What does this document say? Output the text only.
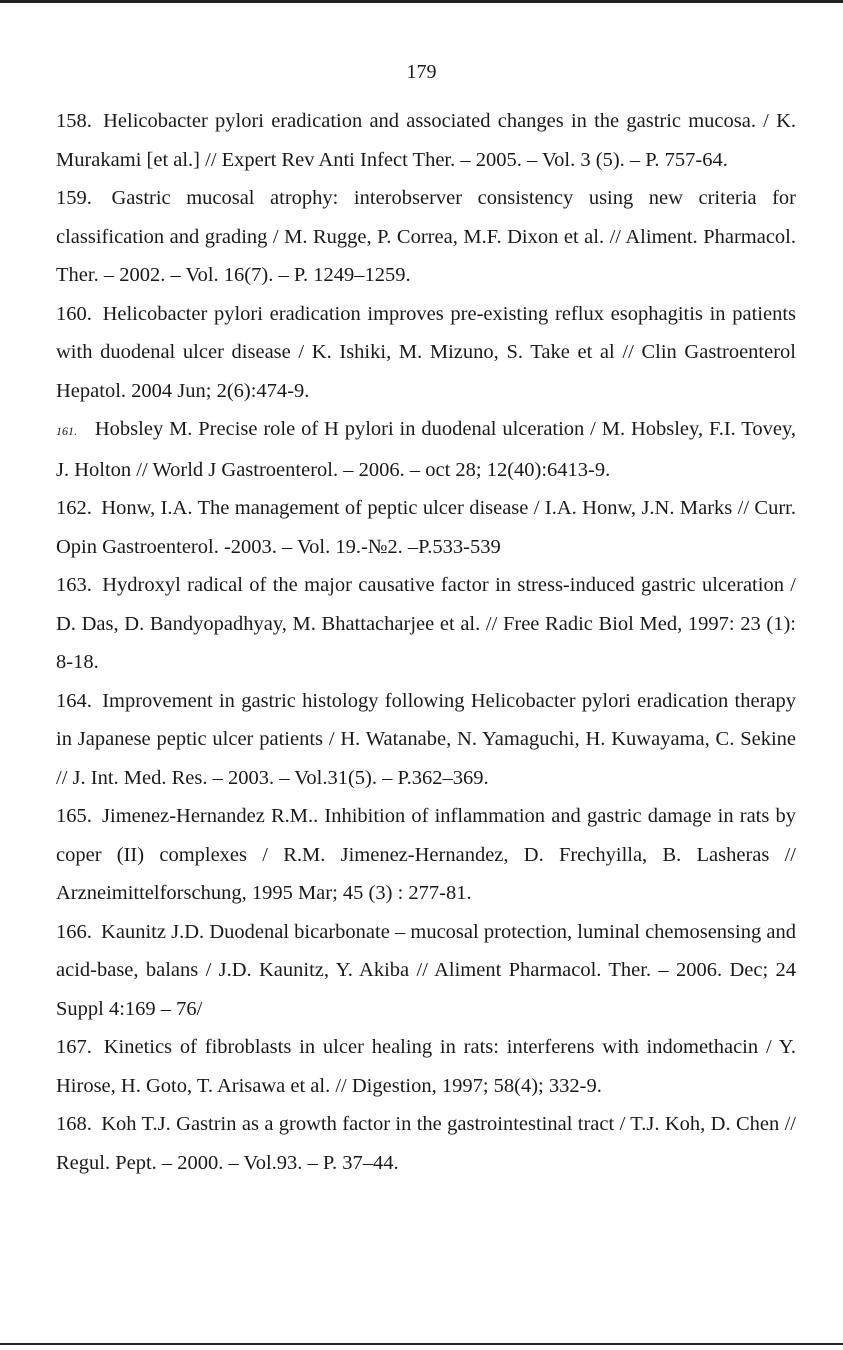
179

158. Helicobacter pylori eradication and associated changes in the gastric mucosa. / K. Murakami [et al.] // Expert Rev Anti Infect Ther. – 2005. – Vol. 3 (5). – P. 757-64.

159. Gastric mucosal atrophy: interobserver consistency using new criteria for classification and grading / M. Rugge, P. Correa, M.F. Dixon et al. // Aliment. Pharmacol. Ther. – 2002. – Vol. 16(7). – P. 1249–1259.

160. Helicobacter pylori eradication improves pre-existing reflux esophagitis in patients with duodenal ulcer disease / K. Ishiki, M. Mizuno, S. Take et al // Clin Gastroenterol Hepatol. 2004 Jun; 2(6):474-9.

161. Hobsley M. Precise role of H pylori in duodenal ulceration / M. Hobsley, F.I. Tovey, J. Holton // World J Gastroenterol. – 2006. – oct 28; 12(40):6413-9.

162. Honw, I.A. The management of peptic ulcer disease / I.A. Honw, J.N. Marks // Curr. Opin Gastroenterol. -2003. – Vol. 19.-№2. –P.533-539

163. Hydroxyl radical of the major causative factor in stress-induced gastric ulceration / D. Das, D. Bandyopadhyay, M. Bhattacharjee et al. // Free Radic Biol Med, 1997: 23 (1): 8-18.

164. Improvement in gastric histology following Helicobacter pylori eradication therapy in Japanese peptic ulcer patients / H. Watanabe, N. Yamaguchi, H. Kuwayama, C. Sekine // J. Int. Med. Res. – 2003. – Vol.31(5). – P.362–369.

165. Jimenez-Hernandez R.M.. Inhibition of inflammation and gastric damage in rats by coper (II) complexes / R.M. Jimenez-Hernandez, D. Frechyilla, B. Lasheras // Arzneimittelforschung, 1995 Mar; 45 (3) : 277-81.

166. Kaunitz J.D. Duodenal bicarbonate – mucosal protection, luminal chemosensing and acid-base, balans / J.D. Kaunitz, Y. Akiba // Aliment Pharmacol. Ther. – 2006. Dec; 24 Suppl 4:169 – 76/

167. Kinetics of fibroblasts in ulcer healing in rats: interferens with indomethacin / Y. Hirose, H. Goto, T. Arisawa et al. // Digestion, 1997; 58(4); 332-9.

168. Koh T.J. Gastrin as a growth factor in the gastrointestinal tract / T.J. Koh, D. Chen // Regul. Pept. – 2000. – Vol.93. – P. 37–44.
